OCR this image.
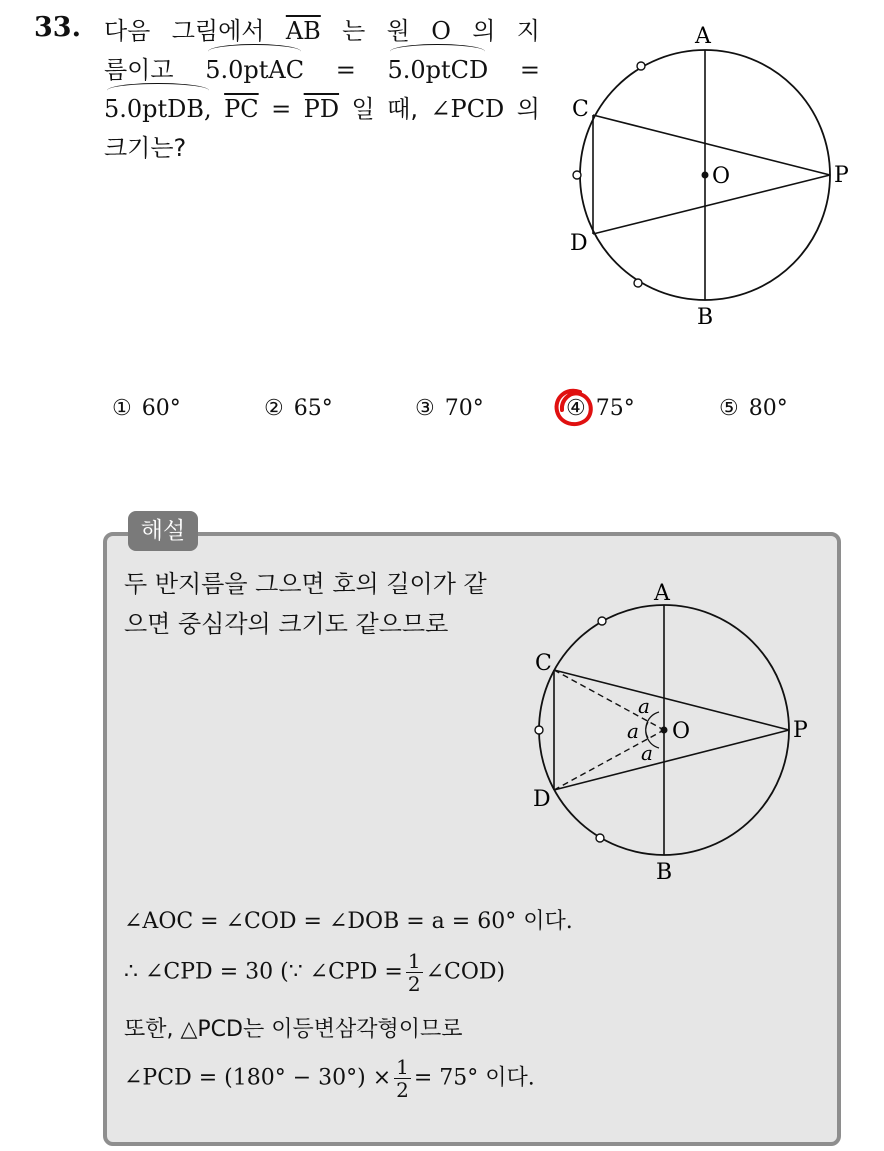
33. 다음 그림에서 $\overline{AB}$ 는 원 O 의 지
름이고 5.0ptAC = 5.0ptCD =
5.0ptDB, $\overline{PC} = \overline{PD}$ 일 때, ∠PCD 의
크기는?
A
B
C
D
O	P
① 60°	② 65°	③ 70°	④ 75°	⑤ 80°
해설
두 반지름을 그으면 호의 길이가 같
으면 중심각의 크기도 같으므로
A
B
C
D
O	P
a
a
a
∠AOC = ∠COD = ∠DOB = a = 60° 이다.
∴ ∠CPD = 30 (∵ ∠CPD = $\frac{1}{2}$ ∠COD)
또한, △PCD는 이등변삼각형이므로
∠PCD = $(180^\circ - 30^\circ) \times \frac{1}{2} = 75^\circ$ 이다.
